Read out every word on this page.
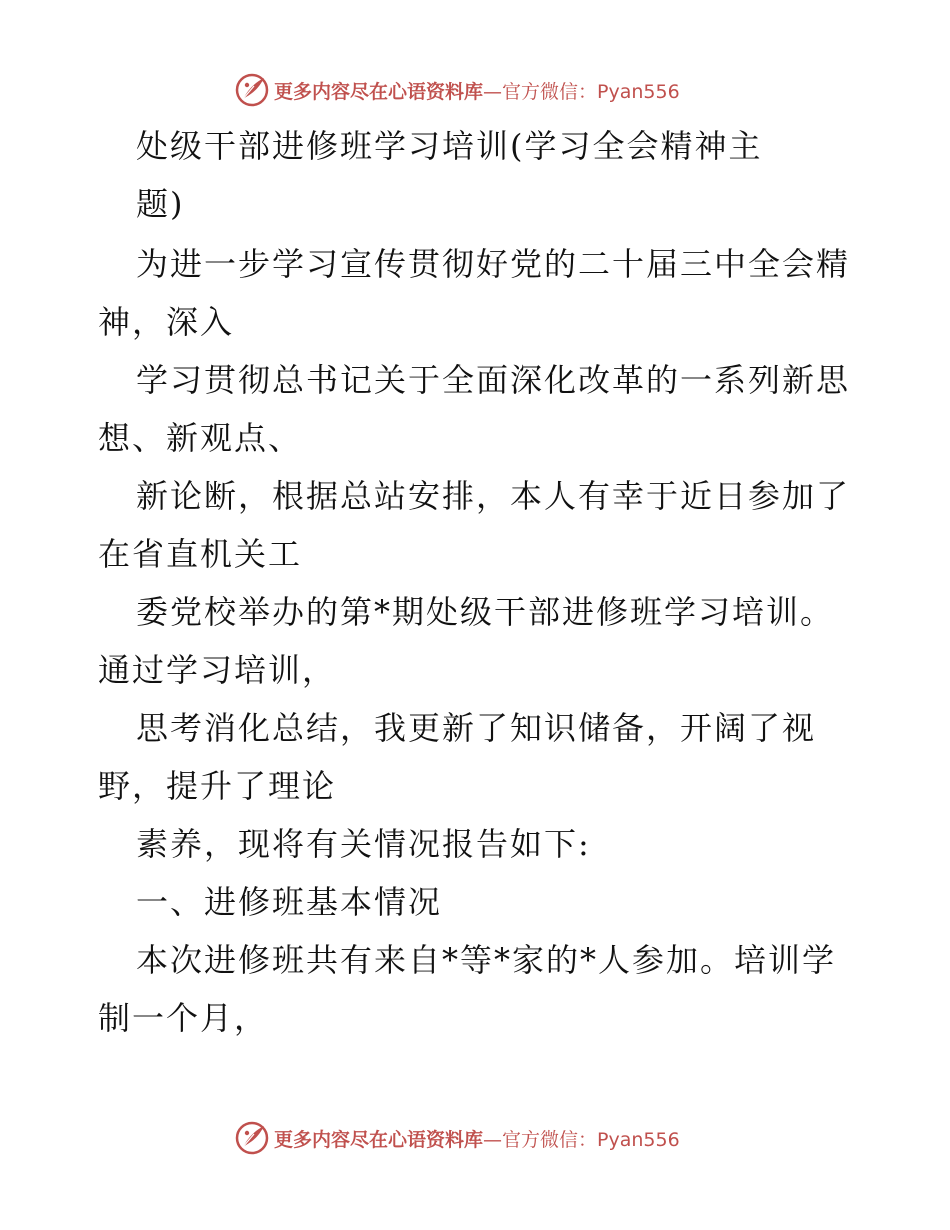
更多内容尽在心语资料库—官方微信：Pyan556
处级干部进修班学习培训(学习全会精神主
题)
为进一步学习宣传贯彻好党的二十届三中全会精
神，深入
学习贯彻总书记关于全面深化改革的一系列新思
想、新观点、
新论断，根据总站安排，本人有幸于近日参加了
在省直机关工
委党校举办的第*期处级干部进修班学习培训。
通过学习培训，
思考消化总结，我更新了知识储备，开阔了视
野，提升了理论
素养，现将有关情况报告如下:
一、进修班基本情况
本次进修班共有来自*等*家的*人参加。培训学
制一个月，
更多内容尽在心语资料库—官方微信：Pyan556
